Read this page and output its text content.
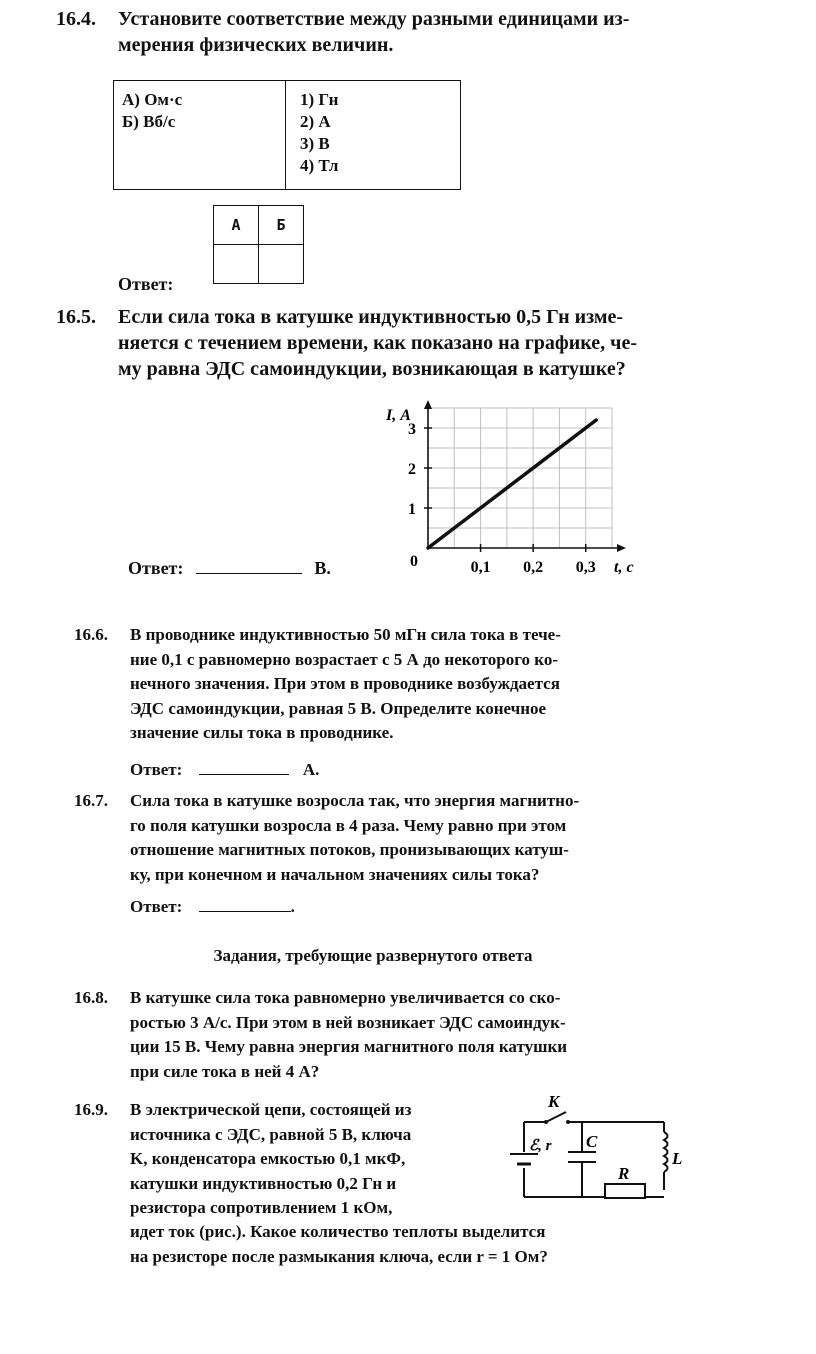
16.4. Установите соответствие между разными единицами из-
мерения физических величин.
А) Ом·с
Б) Вб/с
1) Гн
2) А
3) В
4) Тл
А	Б

Ответ:
16.5. Если сила тока в катушке индуктивностью 0,5 Гн изме-
няется с течением времени, как показано на графике, че-
му равна ЭДС самоиндукции, возникающая в катушке?
Ответ:	В.	0,1 0,2 0,3
1
2
3
0
I, А
t, с
16.6. В проводнике индуктивностью 50 мГн сила тока в тече-
ние 0,1 с равномерно возрастает с 5 А до некоторого ко-
нечного значения. При этом в проводнике возбуждается
ЭДС самоиндукции, равная 5 В. Определите конечное
значение силы тока в проводнике.
Ответ:	А.
16.7. Сила тока в катушке возросла так, что энергия магнитно-
го поля катушки возросла в 4 раза. Чему равно при этом
отношение магнитных потоков, пронизывающих катуш-
ку, при конечном и начальном значениях силы тока?
Ответ:	.
Задания, требующие развернутого ответа
16.8. В катушке сила тока равномерно увеличивается со ско-
ростью 3 А/с. При этом в ней возникает ЭДС самоиндук-
ции 15 В. Чему равна энергия магнитного поля катушки
при силе тока в ней 4 А?
16.9. В электрической цепи, состоящей из
источника с ЭДС, равной 5 В, ключа
K, конденсатора емкостью 0,1 мкФ,
катушки индуктивностью 0,2 Гн и
резистора сопротивлением 1 кОм,
идет ток (рис.). Какое количество теплоты выделится
на резисторе после размыкания ключа, если r = 1 Ом?
K
ℰ, r C
L
R
